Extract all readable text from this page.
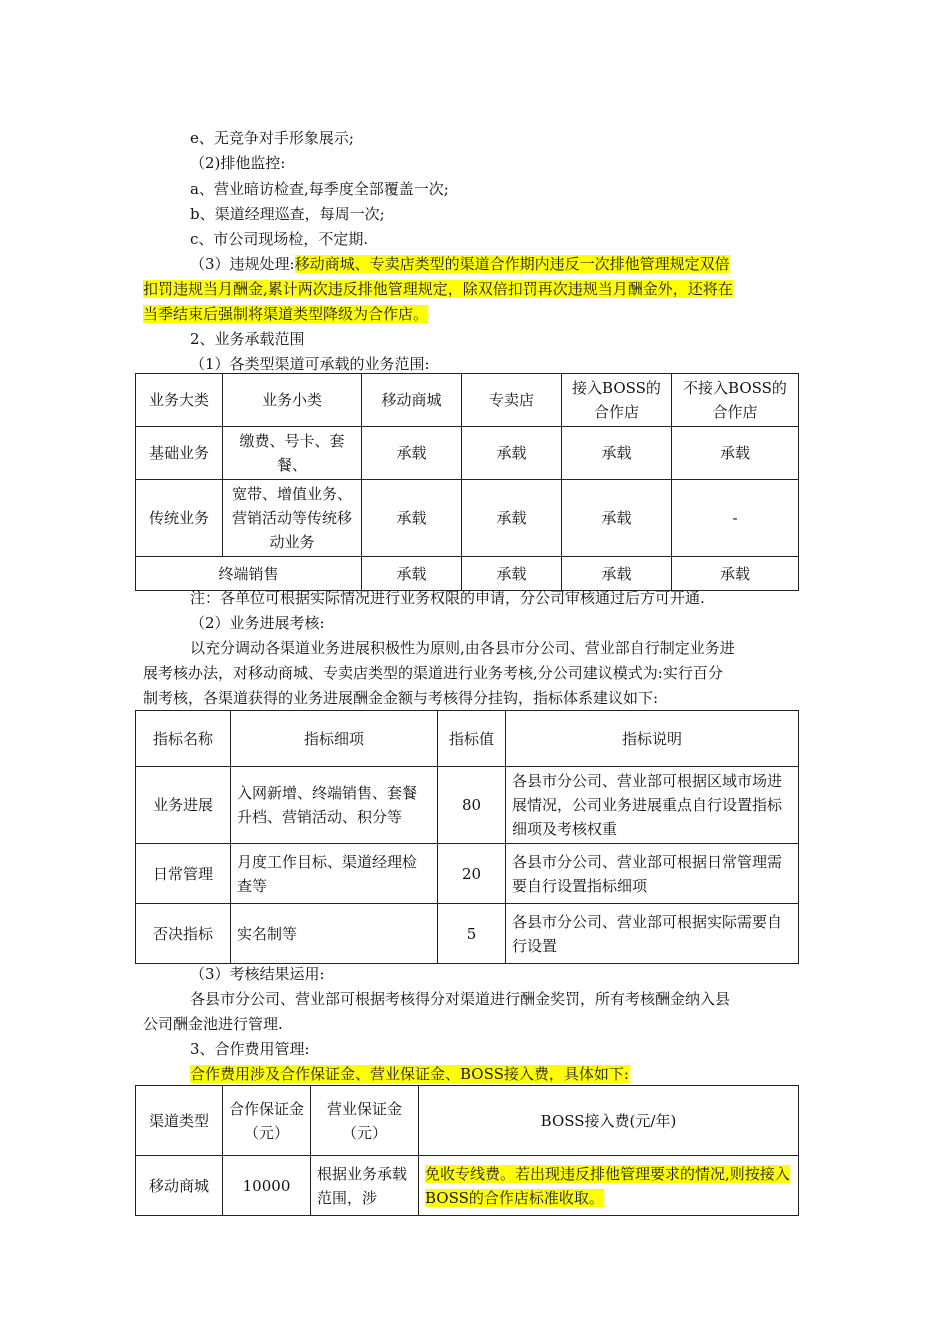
e、无竞争对手形象展示;
（2)排他监控:
a、营业暗访检查,每季度全部覆盖一次;
b、渠道经理巡查，每周一次;
c、市公司现场检，不定期.
（3）违规处理:移动商城、专卖店类型的渠道合作期内违反一次排他管理规定双倍
扣罚违规当月酬金,累计两次违反排他管理规定，除双倍扣罚再次违规当月酬金外，还将在
当季结束后强制将渠道类型降级为合作店。
2、业务承载范围
（1）各类型渠道可承载的业务范围:
业务大类	业务小类	移动商城	专卖店	接入BOSS的合作店	不接入BOSS的合作店
基础业务	缴费、号卡、套餐、	承载	承载	承载	承载
传统业务	宽带、增值业务、营销活动等传统移动业务	承载	承载	承载	-
终端销售		承载	承载	承载	承载
注：各单位可根据实际情况进行业务权限的申请，分公司审核通过后方可开通.
（2）业务进展考核:
以充分调动各渠道业务进展积极性为原则,由各县市分公司、营业部自行制定业务进
展考核办法，对移动商城、专卖店类型的渠道进行业务考核,分公司建议模式为:实行百分
制考核，各渠道获得的业务进展酬金金额与考核得分挂钩，指标体系建议如下:
指标名称	指标细项	指标值	指标说明
业务进展	入网新增、终端销售、套餐升档、营销活动、积分等	80	各县市分公司、营业部可根据区域市场进展情况，公司业务进展重点自行设置指标细项及考核权重
日常管理	月度工作目标、渠道经理检查等	20	各县市分公司、营业部可根据日常管理需要自行设置指标细项
否决指标	实名制等	5	各县市分公司、营业部可根据实际需要自行设置
（3）考核结果运用:
各县市分公司、营业部可根据考核得分对渠道进行酬金奖罚，所有考核酬金纳入县
公司酬金池进行管理.
3、合作费用管理:
合作费用涉及合作保证金、营业保证金、BOSS接入费，具体如下:
渠道类型	合作保证金（元）	营业保证金（元）	BOSS接入费(元/年)
移动商城	10000	根据业务承载范围，涉	免收专线费。若出现违反排他管理要求的情况,则按接入BOSS的合作店标准收取。
